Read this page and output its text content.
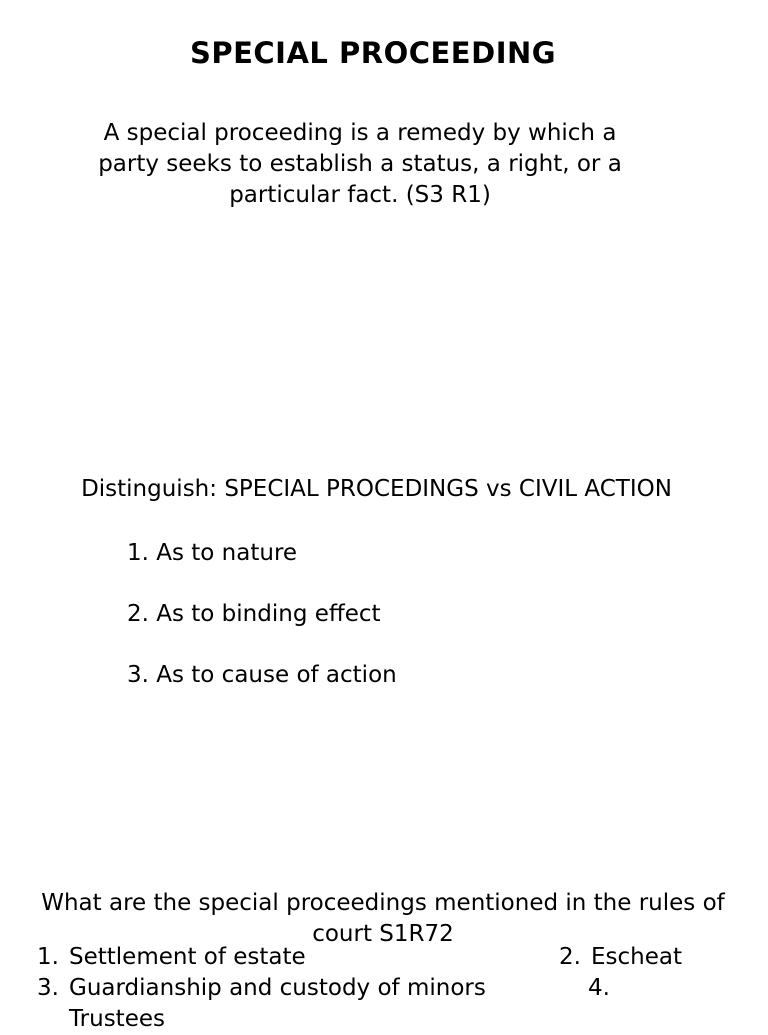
SPECIAL PROCEEDING

A special proceeding is a remedy by which a party seeks to establish a status, a right, or a particular fact. (S3 R1)

Distinguish: SPECIAL PROCEDINGS vs CIVIL ACTION

1. As to nature
2. As to binding effect
3. As to cause of action

What are the special proceedings mentioned in the rules of court S1R72

1. Settlement of estate	2. Escheat
3. Guardianship and custody of minors	4.
Trustees
